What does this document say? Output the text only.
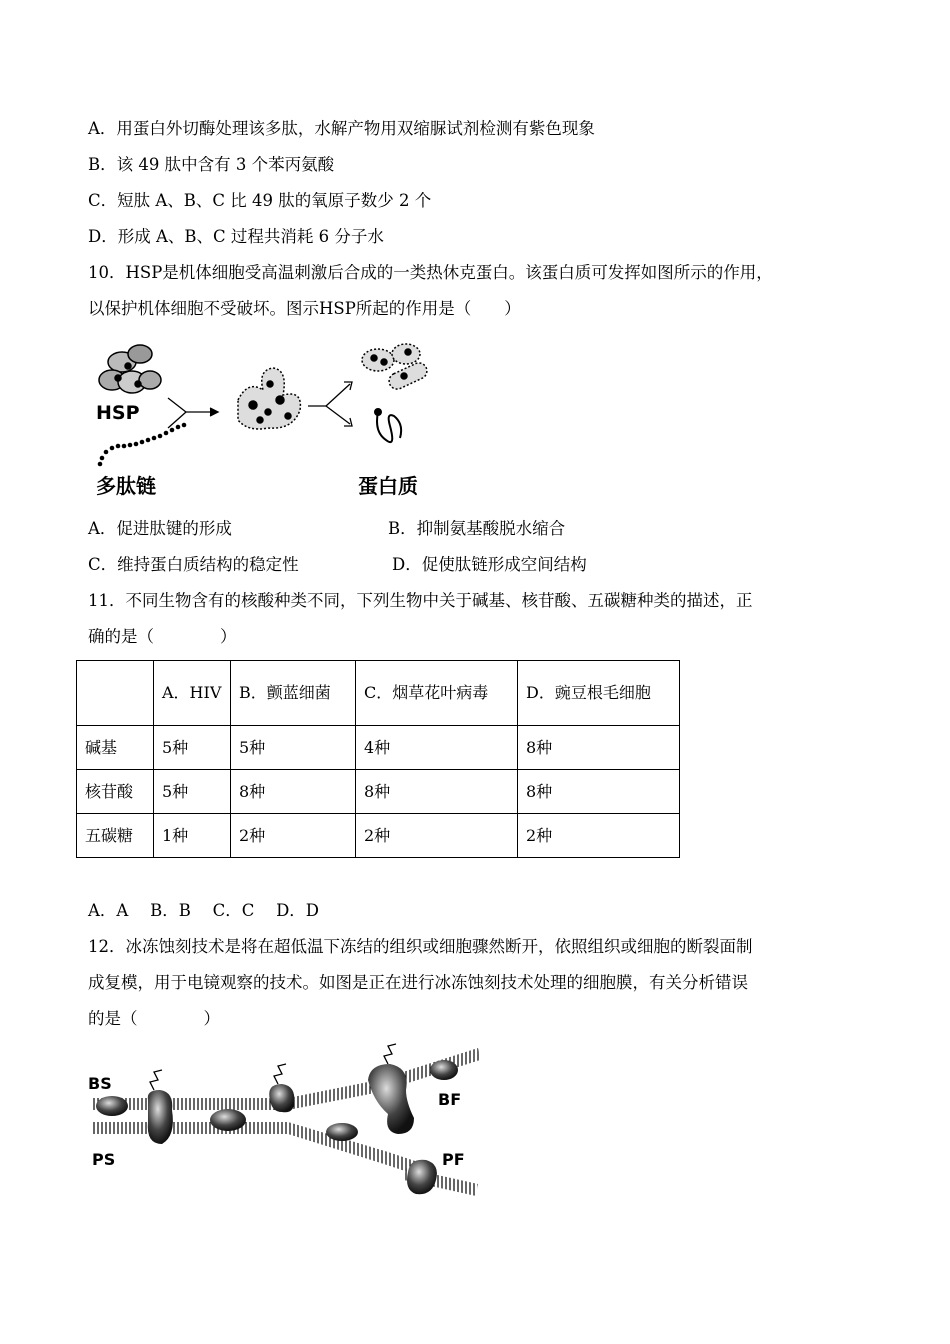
A．用蛋白外切酶处理该多肽，水解产物用双缩脲试剂检测有紫色现象
B．该 49 肽中含有 3 个苯丙氨酸
C．短肽 A、B、C 比 49 肽的氧原子数少 2 个
D．形成 A、B、C 过程共消耗 6 分子水
10．HSP是机体细胞受高温刺激后合成的一类热休克蛋白。该蛋白质可发挥如图所示的作用，
以保护机体细胞不受破坏。图示HSP所起的作用是（　　）
HSP
多肽链	蛋白质
A．促进肽键的形成	B．抑制氨基酸脱水缩合
C．维持蛋白质结构的稳定性	D．促使肽链形成空间结构
11．不同生物含有的核酸种类不同，下列生物中关于碱基、核苷酸、五碳糖种类的描述，正
确的是（　　　　）
	A．HIV	B．颤蓝细菌	C．烟草花叶病毒	D．豌豆根毛细胞
碱基	5种	5种	4种	8种
核苷酸	5种	8种	8种	8种
五碳糖	1种	2种	2种	2种
A．A　 B．B　 C．C　 D．D
12．冰冻蚀刻技术是将在超低温下冻结的组织或细胞骤然断开，依照组织或细胞的断裂面制
成复模，用于电镜观察的技术。如图是正在进行冰冻蚀刻技术处理的细胞膜，有关分析错误
的是（　　　　）
BS
BF
PS	PF
